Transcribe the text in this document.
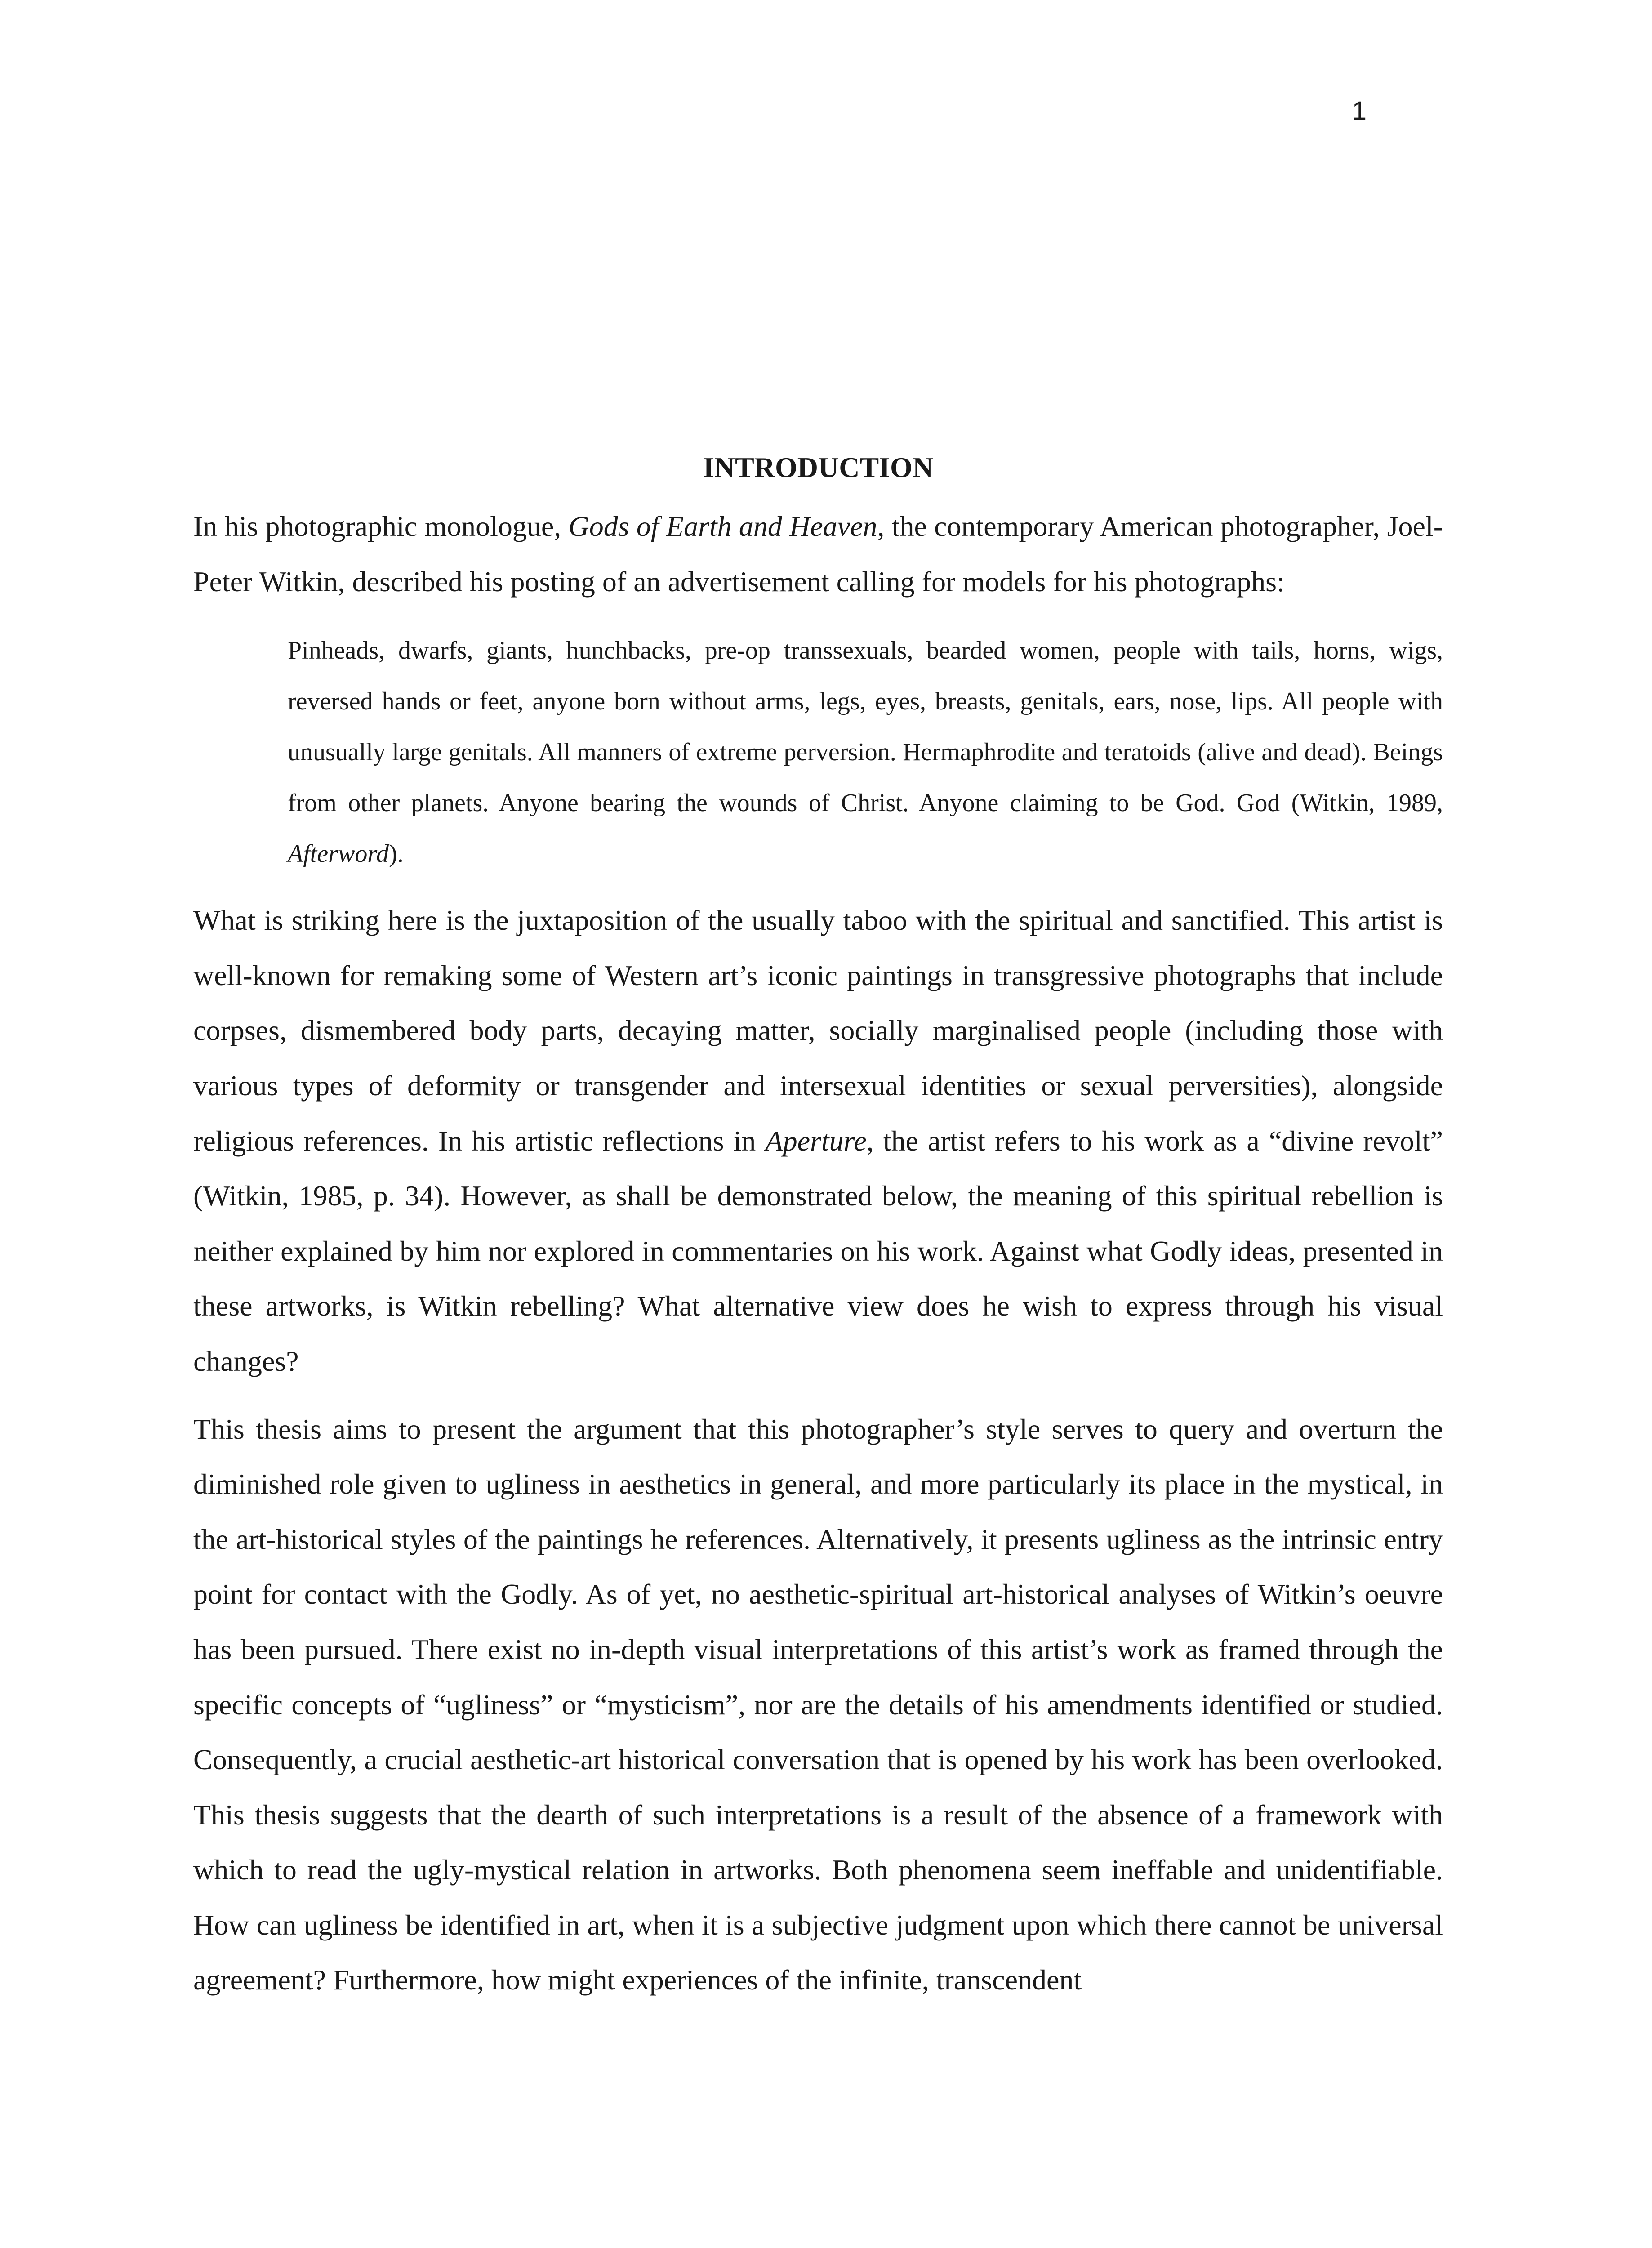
1
INTRODUCTION

In his photographic monologue, Gods of Earth and Heaven, the contemporary American photographer, Joel-Peter Witkin, described his posting of an advertisement calling for models for his photographs:

Pinheads, dwarfs, giants, hunchbacks, pre-op transsexuals, bearded women, people with tails, horns, wigs, reversed hands or feet, anyone born without arms, legs, eyes, breasts, genitals, ears, nose, lips. All people with unusually large genitals. All manners of extreme perversion. Hermaphrodite and teratoids (alive and dead). Beings from other planets. Anyone bearing the wounds of Christ. Anyone claiming to be God. God (Witkin, 1989, Afterword).

What is striking here is the juxtaposition of the usually taboo with the spiritual and sanctified. This artist is well-known for remaking some of Western art’s iconic paintings in transgressive photographs that include corpses, dismembered body parts, decaying matter, socially marginalised people (including those with various types of deformity or transgender and intersexual identities or sexual perversities), alongside religious references. In his artistic reflections in Aperture, the artist refers to his work as a “divine revolt” (Witkin, 1985, p. 34). However, as shall be demonstrated below, the meaning of this spiritual rebellion is neither explained by him nor explored in commentaries on his work. Against what Godly ideas, presented in these artworks, is Witkin rebelling? What alternative view does he wish to express through his visual changes?

This thesis aims to present the argument that this photographer’s style serves to query and overturn the diminished role given to ugliness in aesthetics in general, and more particularly its place in the mystical, in the art-historical styles of the paintings he references. Alternatively, it presents ugliness as the intrinsic entry point for contact with the Godly. As of yet, no aesthetic-spiritual art-historical analyses of Witkin’s oeuvre has been pursued. There exist no in-depth visual interpretations of this artist’s work as framed through the specific concepts of “ugliness” or “mysticism”, nor are the details of his amendments identified or studied. Consequently, a crucial aesthetic-art historical conversation that is opened by his work has been overlooked. This thesis suggests that the dearth of such interpretations is a result of the absence of a framework with which to read the ugly-mystical relation in artworks. Both phenomena seem ineffable and unidentifiable. How can ugliness be identified in art, when it is a subjective judgment upon which there cannot be universal agreement? Furthermore, how might experiences of the infinite, transcendent
